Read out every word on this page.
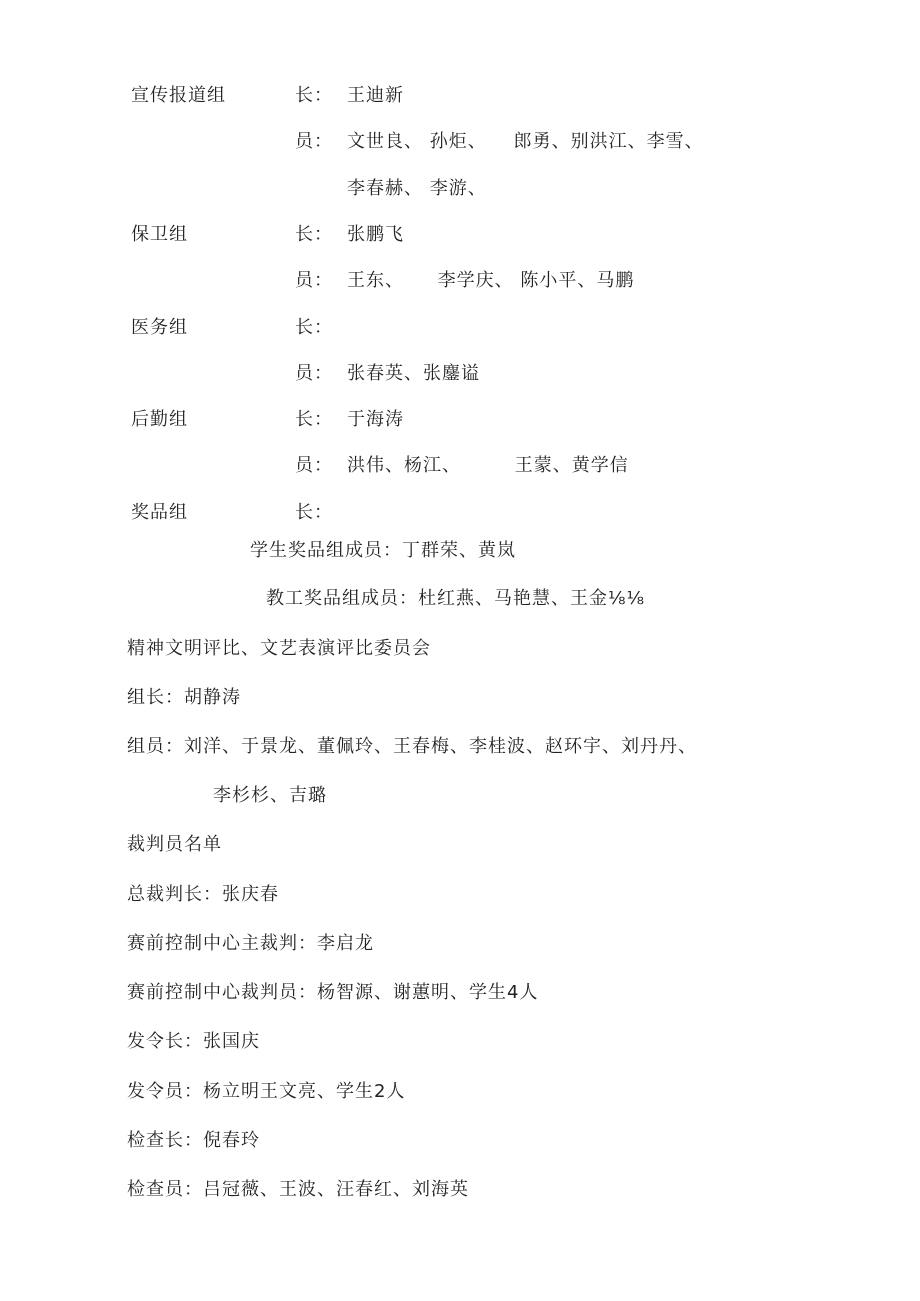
宣传报道组	长： 王迪新
员： 文世良、 孙炬、    郎勇、别洪江、李雪、
李春赫、 李游、
保卫组	长： 张鹏飞
员： 王东、     李学庆、 陈小平、马鹏
医务组	长：
员： 张春英、张鏖谥
后勤组	长： 于海涛
员： 洪伟、杨江、        王蒙、黄学信
奖品组	长：
学生奖品组成员：丁群荣、黄岚
教工奖品组成员：杜红燕、马艳慧、王金⅛⅛
精神文明评比、文艺表演评比委员会
组长：胡静涛
组员：刘洋、于景龙、董佩玲、王春梅、李桂波、赵环宇、刘丹丹、
李杉杉、吉璐
裁判员名单
总裁判长：张庆春
赛前控制中心主裁判：李启龙
赛前控制中心裁判员：杨智源、谢蕙明、学生4人
发令长：张国庆
发令员：杨立明王文亮、学生2人
检查长：倪春玲
检查员：吕冠薇、王波、汪春红、刘海英
